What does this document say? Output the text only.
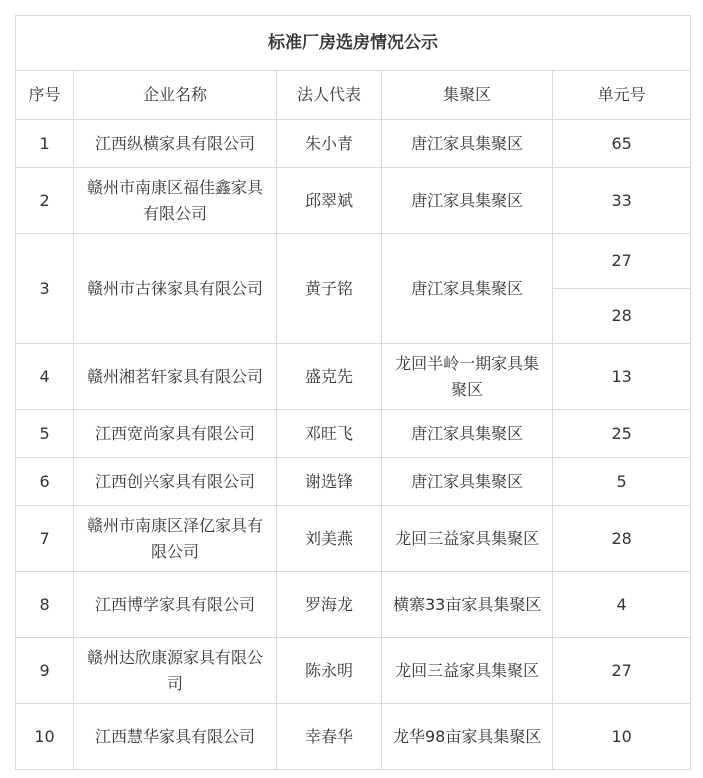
标准厂房选房情况公示				
序号	企业名称	法人代表	集聚区	单元号
1	江西纵横家具有限公司	朱小青	唐江家具集聚区	65
2	赣州市南康区福佳鑫家具有限公司	邱翠斌	唐江家具集聚区	33
3	赣州市古徕家具有限公司	黄子铭	唐江家具集聚区	27
				28
4	赣州湘茗轩家具有限公司	盛克先	龙回半岭一期家具集聚区	13
5	江西宽尚家具有限公司	邓旺飞	唐江家具集聚区	25
6	江西创兴家具有限公司	谢选锋	唐江家具集聚区	5
7	赣州市南康区泽亿家具有限公司	刘美燕	龙回三益家具集聚区	28
8	江西博学家具有限公司	罗海龙	横寨33亩家具集聚区	4
9	赣州达欣康源家具有限公司	陈永明	龙回三益家具集聚区	27
10	江西慧华家具有限公司	幸春华	龙华98亩家具集聚区	10
